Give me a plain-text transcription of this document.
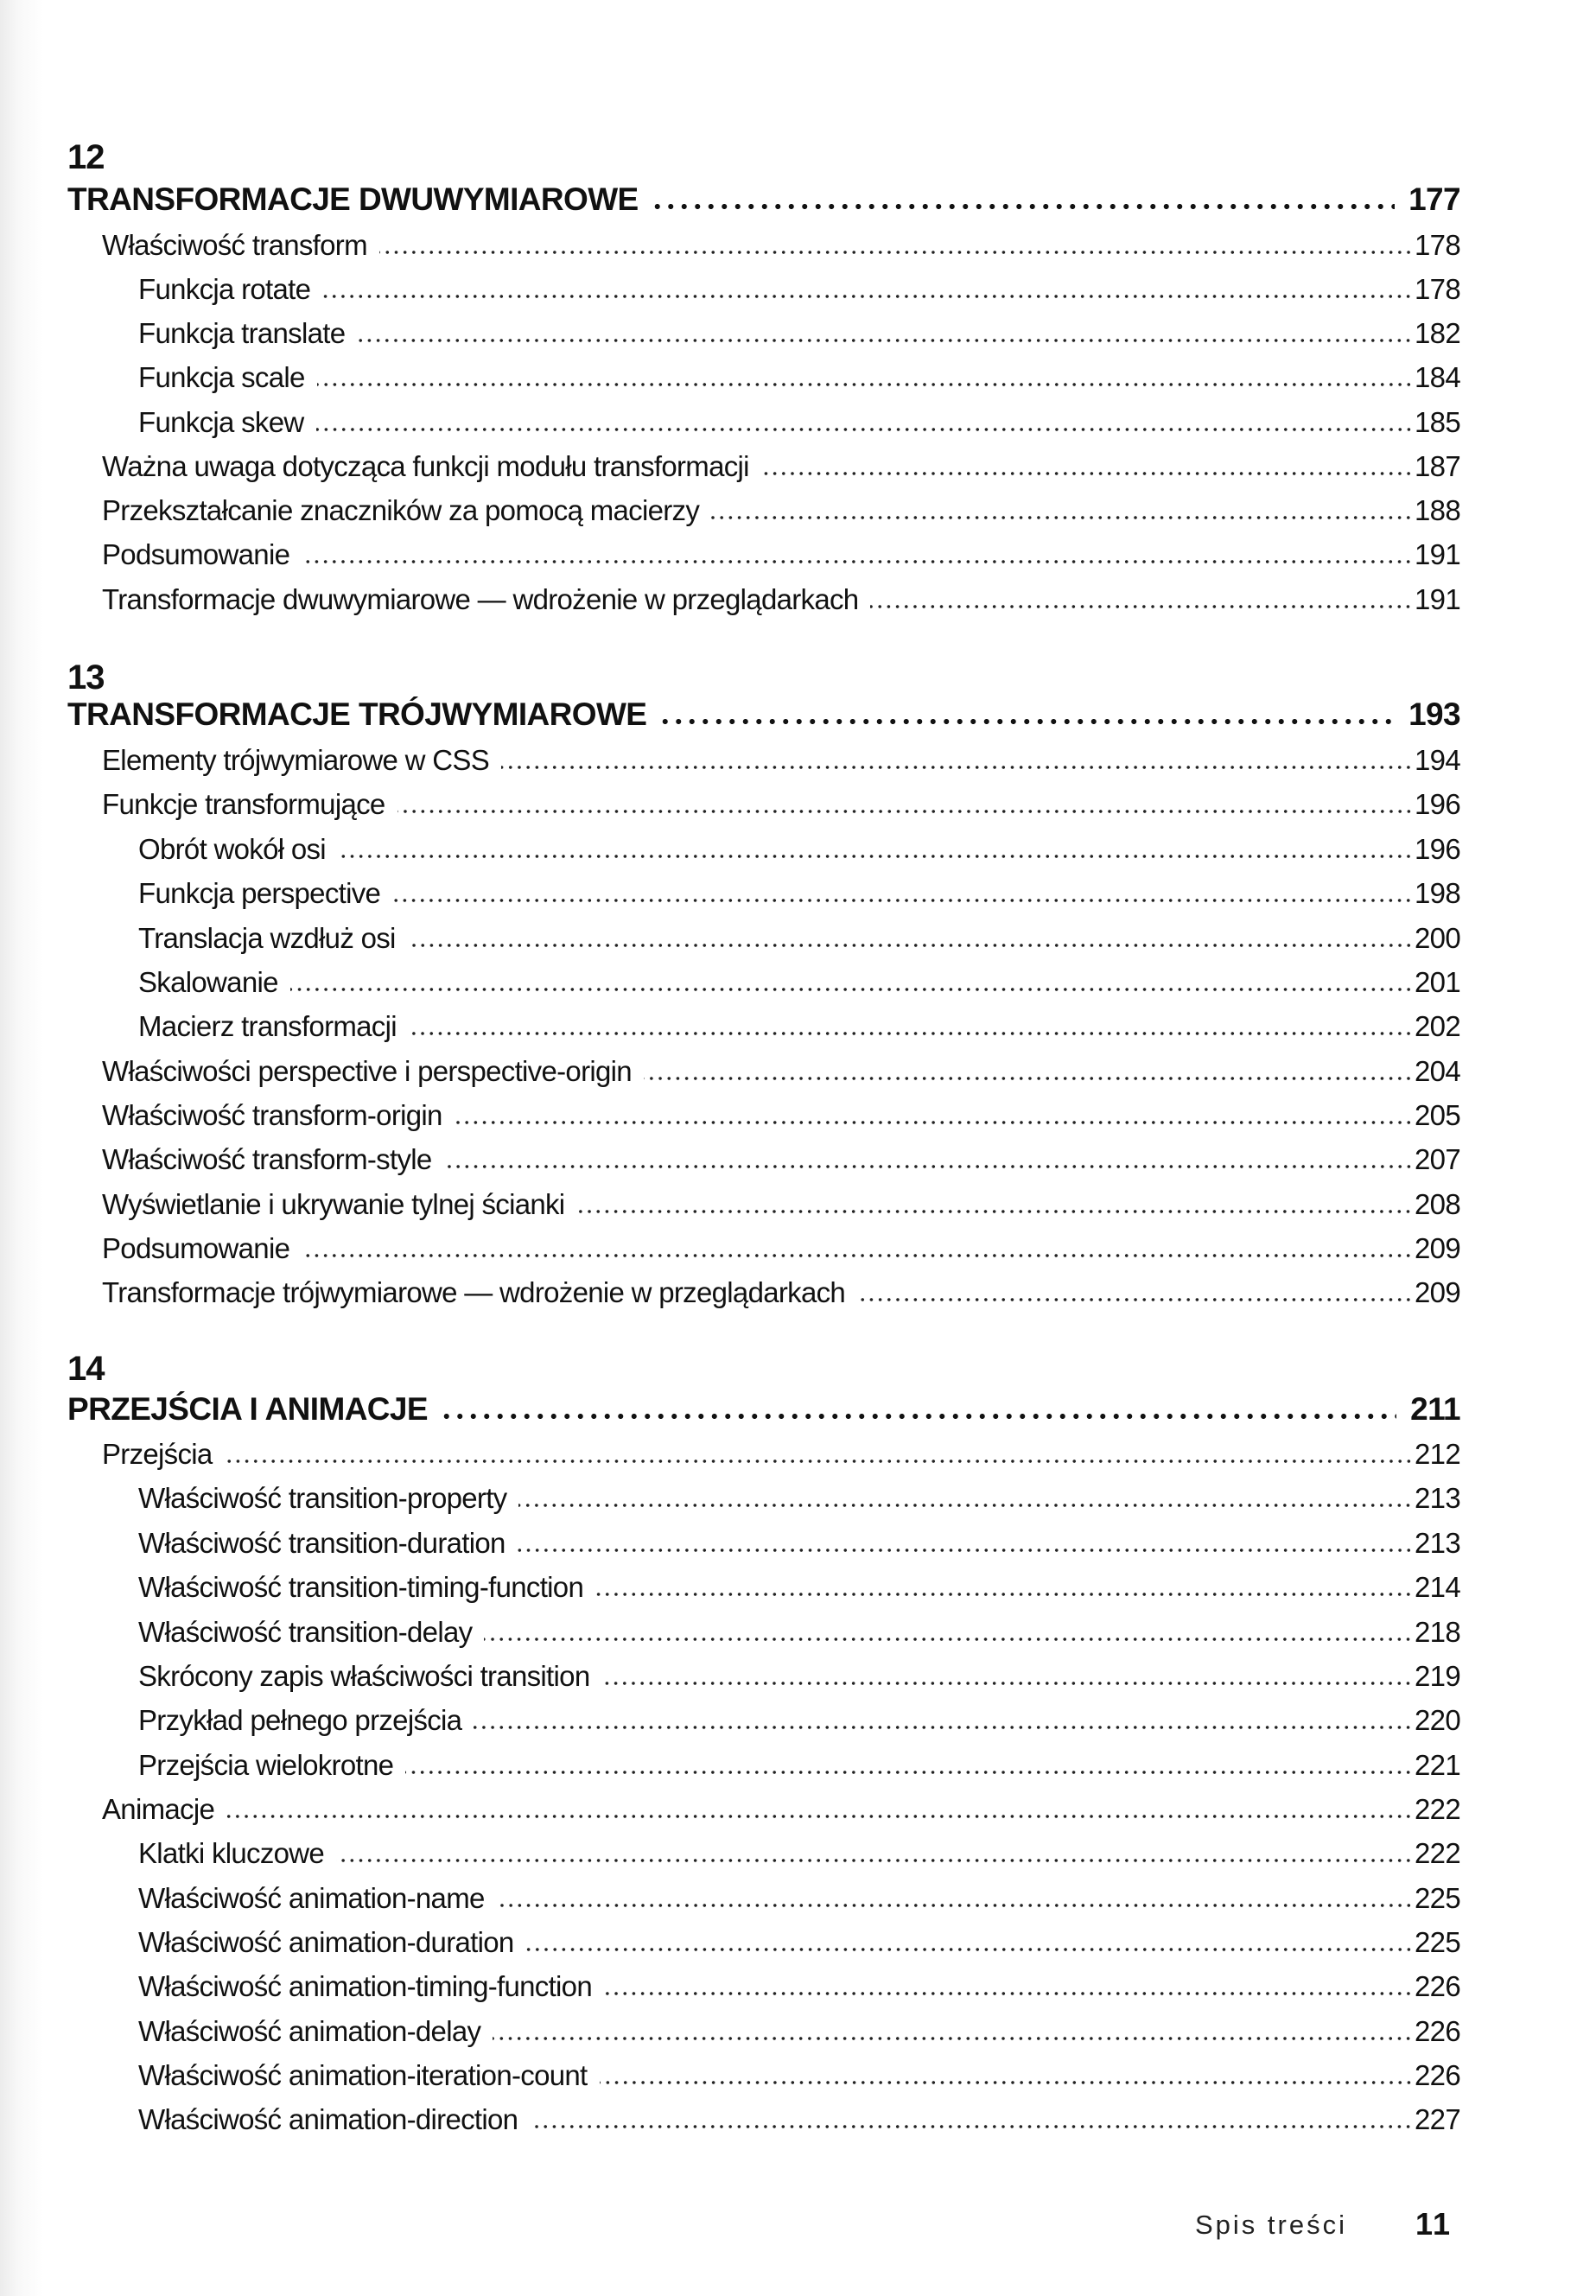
12
TRANSFORMACJE DWUWYMIAROWE	177
Właściwość transform	178
Funkcja rotate	178
Funkcja translate	182
Funkcja scale	184
Funkcja skew	185
Ważna uwaga dotycząca funkcji modułu transformacji	187
Przekształcanie znaczników za pomocą macierzy	188
Podsumowanie	191
Transformacje dwuwymiarowe — wdrożenie w przeglądarkach	191
13
TRANSFORMACJE TRÓJWYMIAROWE	193
Elementy trójwymiarowe w CSS	194
Funkcje transformujące	196
Obrót wokół osi	196
Funkcja perspective	198
Translacja wzdłuż osi	200
Skalowanie	201
Macierz transformacji	202
Właściwości perspective i perspective-origin	204
Właściwość transform-origin	205
Właściwość transform-style	207
Wyświetlanie i ukrywanie tylnej ścianki	208
Podsumowanie	209
Transformacje trójwymiarowe — wdrożenie w przeglądarkach	209
14
PRZEJŚCIA I ANIMACJE	211
Przejścia	212
Właściwość transition-property	213
Właściwość transition-duration	213
Właściwość transition-timing-function	214
Właściwość transition-delay	218
Skrócony zapis właściwości transition	219
Przykład pełnego przejścia	220
Przejścia wielokrotne	221
Animacje	222
Klatki kluczowe	222
Właściwość animation-name	225
Właściwość animation-duration	225
Właściwość animation-timing-function	226
Właściwość animation-delay	226
Właściwość animation-iteration-count	226
Właściwość animation-direction	227
Spis treści 11
